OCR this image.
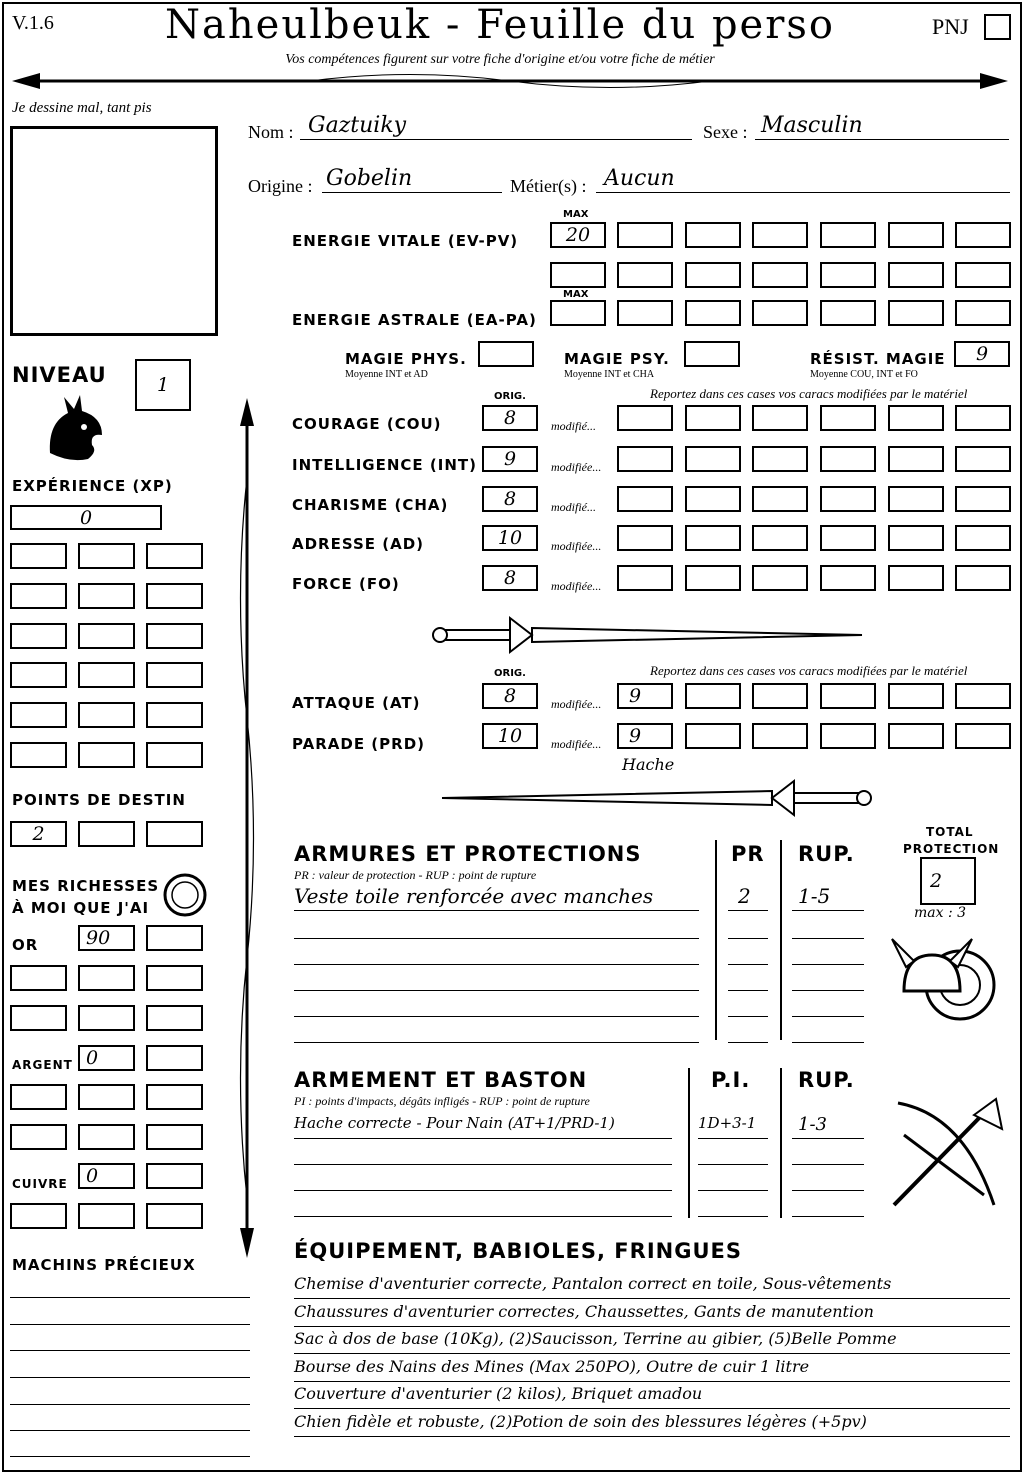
V.1.6	Naheulbeuk - Feuille du perso
Vos compétences figurent sur votre fiche d'origine et/ou votre fiche de métier
PNJ
Je dessine mal, tant pis
Nom : Gaztuiky	Sexe : Masculin
Origine : Gobelin	Métier(s) : Aucun
MAX
ENERGIE VITALE (EV-PV)	20
MAX
ENERGIE ASTRALE (EA-PA)
MAGIE PHYS.
Moyenne INT et AD
MAGIE PSY.
Moyenne INT et CHA
RÉSIST. MAGIE
Moyenne COU, INT et FO
9
NIVEAU	1
EXPÉRIENCE (XP)
0
POINTS DE DESTIN
2
MES RICHESSES
À MOI QUE J'AI
OR	90
ARGENT 0
CUIVRE 0
MACHINS PRÉCIEUX
ORIG.	Reportez dans ces cases vos caracs modifiées par le matériel
ORIG.	Reportez dans ces cases vos caracs modifiées par le matériel
ATTAQUE (AT)	8	modifiée... 9
PARADE (PRD)	10 modifiée... 9
Hache
ARMURES ET PROTECTIONS
PR : valeur de protection - RUP : point de rupture
PR RUP.
TOTAL
PROTECTION
2
max : 3
ARMEMENT ET BASTON
PI : points d'impacts, dégâts infligés - RUP : point de rupture
P.I. RUP.
ÉQUIPEMENT, BABIOLES, FRINGUES
COURAGE (COU)	8	modifié...
INTELLIGENCE (INT) 9	modifiée...
CHARISME (CHA)	8	modifié...
ADRESSE (AD)	10 modifiée...
FORCE (FO)	8	modifiée...
Veste toile renforcée avec manches	2 1-5
Hache correcte - Pour Nain (AT+1/PRD-1)	1D+3-1 1-3
Chemise d'aventurier correcte, Pantalon correct en toile, Sous-vêtements
Chaussures d'aventurier correctes, Chaussettes, Gants de manutention
Sac à dos de base (10Kg), (2)Saucisson, Terrine au gibier, (5)Belle Pomme
Bourse des Nains des Mines (Max 250PO), Outre de cuir 1 litre
Couverture d'aventurier (2 kilos), Briquet amadou
Chien fidèle et robuste, (2)Potion de soin des blessures légères (+5pv)
